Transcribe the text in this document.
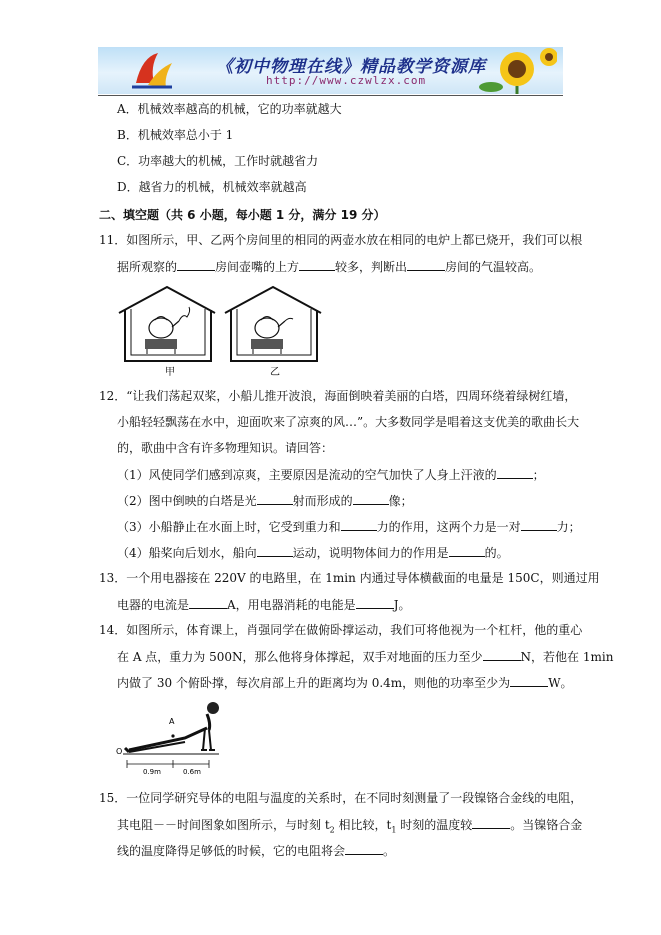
《初中物理在线》精品教学资源库
http://www.czwlzx.com
A．机械效率越高的机械，它的功率就越大
B．机械效率总小于 1
C．功率越大的机械，工作时就越省力
D．越省力的机械，机械效率就越高
二、填空题（共 6 小题，每小题 1 分，满分 19 分）
11．如图所示，甲、乙两个房间里的相同的两壶水放在相同的电炉上都已烧开，我们可以根
据所观察的	房间壶嘴的上方	较多，判断出	房间的气温较高。
甲	乙
12．“让我们荡起双桨，小船儿推开波浪，海面倒映着美丽的白塔，四周环绕着绿树红墙，
小船轻轻飘荡在水中，迎面吹来了凉爽的风…”。大多数同学是唱着这支优美的歌曲长大
的，歌曲中含有许多物理知识。请回答：
（1）风使同学们感到凉爽，主要原因是流动的空气加快了人身上汗液的	；
（2）图中倒映的白塔是光	射而形成的	像；
（3）小船静止在水面上时，它受到重力和	力的作用，这两个力是一对	力；
（4）船桨向后划水，船向	运动，说明物体间力的作用是	的。
13．一个用电器接在 220V 的电路里，在 1min 内通过导体横截面的电量是 150C，则通过用
电器的电流是	A，用电器消耗的电能是	J。
14．如图所示，体育课上，肖强同学在做俯卧撑运动，我们可将他视为一个杠杆，他的重心
在 A 点，重力为 500N，那么他将身体撑起，双手对地面的压力至少	N，若他在 1min
内做了 30 个俯卧撑，每次肩部上升的距离均为 0.4m，则他的功率至少为	W。
A
O
0.9m	0.6m
15．一位同学研究导体的电阻与温度的关系时，在不同时刻测量了一段镍铬合金线的电阻，
其电阻－－时间图象如图所示，与时刻 $t_2$ 相比较，$t_1$ 时刻的温度较	。当镍铬合金
线的温度降得足够低的时候，它的电阻将会	。
